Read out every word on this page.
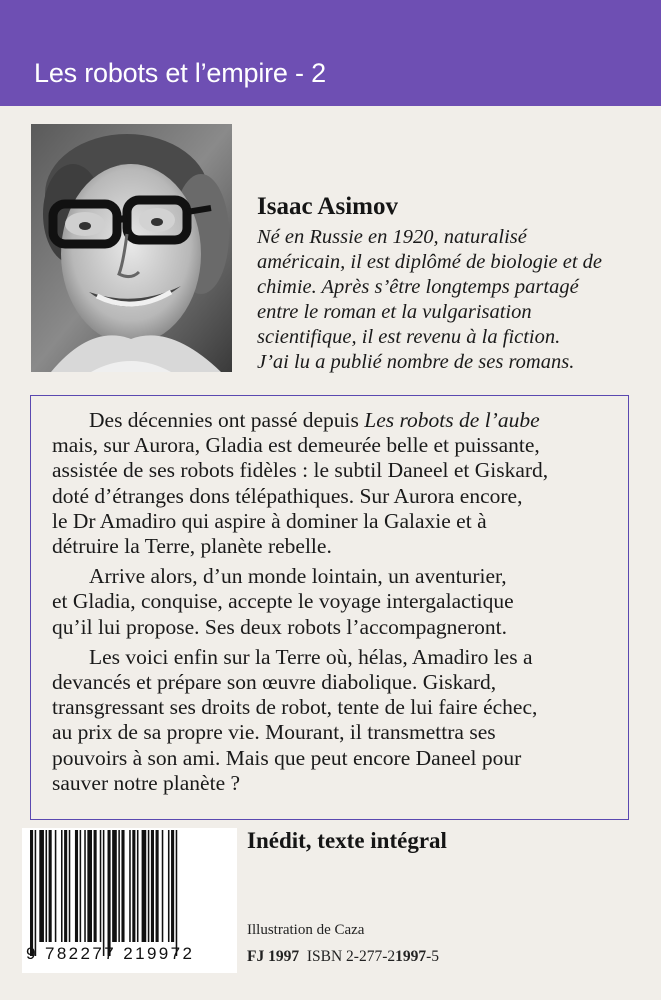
Les robots et l’empire - 2
Isaac Asimov
Né en Russie en 1920, naturalisé
américain, il est diplômé de biologie et de
chimie. Après s’être longtemps partagé
entre le roman et la vulgarisation
scientifique, il est revenu à la fiction.
J’ai lu a publié nombre de ses romans.
Des décennies ont passé depuis Les robots de l’aube
mais, sur Aurora, Gladia est demeurée belle et puissante,
assistée de ses robots fidèles : le subtil Daneel et Giskard,
doté d’étranges dons télépathiques. Sur Aurora encore,
le Dr Amadiro qui aspire à dominer la Galaxie et à
détruire la Terre, planète rebelle.
Arrive alors, d’un monde lointain, un aventurier,
et Gladia, conquise, accepte le voyage intergalactique
qu’il lui propose. Ses deux robots l’accompagneront.
Les voici enfin sur la Terre où, hélas, Amadiro les a
devancés et prépare son œuvre diabolique. Giskard,
transgressant ses droits de robot, tente de lui faire échec,
au prix de sa propre vie. Mourant, il transmettra ses
pouvoirs à son ami. Mais que peut encore Daneel pour
sauver notre planète ?
9 782277 219972
Inédit, texte intégral
Illustration de Caza
FJ 1997 ISBN 2-277-21997-5
